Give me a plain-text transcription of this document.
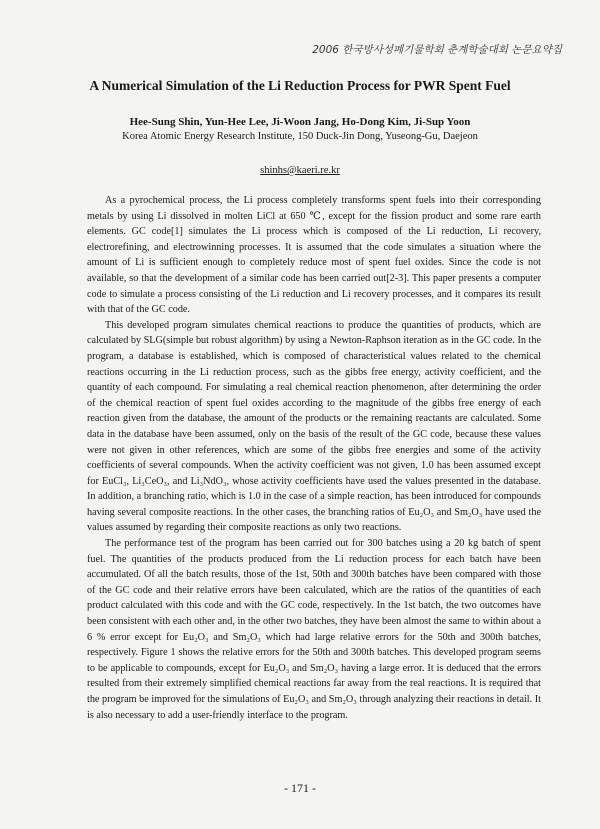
2006 한국방사성폐기물학회 춘계학술대회 논문요약집
A Numerical Simulation of the Li Reduction Process for PWR Spent Fuel
Hee-Sung Shin, Yun-Hee Lee, Ji-Woon Jang, Ho-Dong Kim, Ji-Sup Yoon
Korea Atomic Energy Research Institute, 150 Duck-Jin Dong, Yuseong-Gu, Daejeon
shinhs@kaeri.re.kr

As a pyrochemical process, the Li process completely transforms spent fuels into their corresponding metals by using Li dissolved in molten LiCl at 650 ℃, except for the fission product and some rare earth elements. GC code[1] simulates the Li process which is composed of the Li reduction, Li recovery, electrorefining, and electrowinning processes. It is assumed that the code simulates a situation where the amount of Li is sufficient enough to completely reduce most of spent fuel oxides. Since the code is not available, so that the development of a similar code has been carried out[2-3]. This paper presents a computer code to simulate a process consisting of the Li reduction and Li recovery processes, and it compares its result with that of the GC code.

This developed program simulates chemical reactions to produce the quantities of products, which are calculated by SLG(simple but robust algorithm) by using a Newton-Raphson iteration as in the GC code. In the program, a database is established, which is composed of characteristical values related to the chemical reactions occurring in the Li reduction process, such as the gibbs free energy, activity coefficient, and the quantity of each compound. For simulating a real chemical reaction phenomenon, after determining the order of the chemical reaction of spent fuel oxides according to the magnitude of the gibbs free energy of each reaction given from the database, the amount of the products or the remaining reactants are calculated. Some data in the database have been assumed, only on the basis of the result of the GC code, because these values were not given in other references, which are some of the gibbs free energies and some of the activity coefficients of several compounds. When the activity coefficient was not given, 1.0 has been assumed except for EuCl₃, Li₃CeO₃, and Li₃NdO₃, whose activity coefficients have used the values presented in the database. In addition, a branching ratio, which is 1.0 in the case of a simple reaction, has been introduced for compounds having several composite reactions. In the other cases, the branching ratios of Eu₂O₃ and Sm₂O₃ have used the values assumed by regarding their composite reactions as only two reactions.

The performance test of the program has been carried out for 300 batches using a 20 kg batch of spent fuel. The quantities of the products produced from the Li reduction process for each batch have been accumulated. Of all the batch results, those of the 1st, 50th and 300th batches have been compared with those of the GC code and their relative errors have been calculated, which are the ratios of the quantities of each product calculated with this code and with the GC code, respectively. In the 1st batch, the two outcomes have been consistent with each other and, in the other two batches, they have been almost the same to within about a 6 % error except for Eu₂O₃ and Sm₂O₃ which had large relative errors for the 50th and 300th batches, respectively. Figure 1 shows the relative errors for the 50th and 300th batches. This developed program seems to be applicable to compounds, except for Eu₂O₃ and Sm₂O₃ having a large error. It is deduced that the errors resulted from their extremely simplified chemical reactions far away from the real reactions. It is required that the program be improved for the simulations of Eu₂O₃ and Sm₂O₃ through analyzing their reactions in detail. It is also necessary to add a user-friendly interface to the program.

- 171 -
